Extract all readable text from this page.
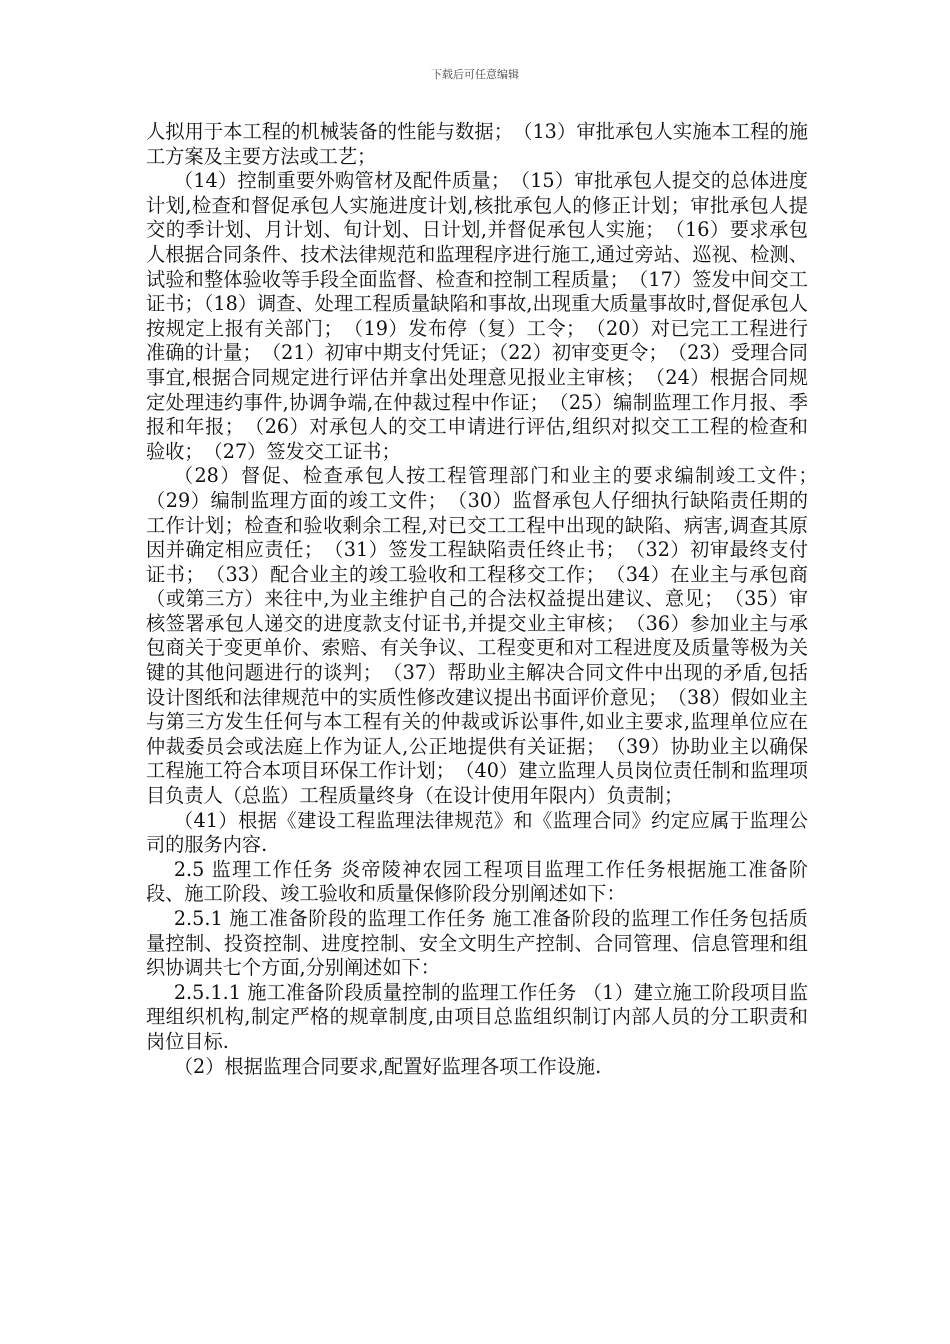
下载后可任意编辑

人拟用于本工程的机械装备的性能与数据；　（13）审批承包人实施本工程的施工方案及主要方法或工艺；

（14）控制重要外购管材及配件质量；　（15）审批承包人提交的总体进度计划,检查和督促承包人实施进度计划,核批承包人的修正计划；审批承包人提交的季计划、月计划、旬计划、日计划,并督促承包人实施；　（16）要求承包人根据合同条件、技术法律规范和监理程序进行施工,通过旁站、巡视、检测、试验和整体验收等手段全面监督、检查和控制工程质量；　（17）签发中间交工证书；（18）调查、处理工程质量缺陷和事故,出现重大质量事故时,督促承包人按规定上报有关部门；　（19）发布停（复）工令；　（20）对已完工工程进行准确的计量；　（21）初审中期支付凭证；（22）初审变更令；　（23）受理合同事宜,根据合同规定进行评估并拿出处理意见报业主审核；　（24）根据合同规定处理违约事件,协调争端,在仲裁过程中作证；　（25）编制监理工作月报、季报和年报；　（26）对承包人的交工申请进行评估,组织对拟交工工程的检查和验收；　（27）签发交工证书；

（28）督促、检查承包人按工程管理部门和业主的要求编制竣工文件；　（29）编制监理方面的竣工文件；　（30）监督承包人仔细执行缺陷责任期的工作计划；检查和验收剩余工程,对已交工工程中出现的缺陷、病害,调查其原因并确定相应责任；　（31）签发工程缺陷责任终止书；　（32）初审最终支付证书；　（33）配合业主的竣工验收和工程移交工作；　（34）在业主与承包商（或第三方）来往中,为业主维护自己的合法权益提出建议、意见；　（35）审核签署承包人递交的进度款支付证书,并提交业主审核；　（36）参加业主与承包商关于变更单价、索赔、有关争议、工程变更和对工程进度及质量等极为关键的其他问题进行的谈判；　（37）帮助业主解决合同文件中出现的矛盾,包括设计图纸和法律规范中的实质性修改建议提出书面评价意见；　（38）假如业主与第三方发生任何与本工程有关的仲裁或诉讼事件,如业主要求,监理单位应在仲裁委员会或法庭上作为证人,公正地提供有关证据；　（39）协助业主以确保工程施工符合本项目环保工作计划；　（40）建立监理人员岗位责任制和监理项目负责人（总监）工程质量终身（在设计使用年限内）负责制；

（41）根据《建设工程监理法律规范》和《监理合同》约定应属于监理公司的服务内容.

2.5 监理工作任务 炎帝陵神农园工程项目监理工作任务根据施工准备阶段、施工阶段、竣工验收和质量保修阶段分别阐述如下：

2.5.1 施工准备阶段的监理工作任务 施工准备阶段的监理工作任务包括质量控制、投资控制、进度控制、安全文明生产控制、合同管理、信息管理和组织协调共七个方面,分别阐述如下：

2.5.1.1 施工准备阶段质量控制的监理工作任务 （1）建立施工阶段项目监理组织机构,制定严格的规章制度,由项目总监组织制订内部人员的分工职责和岗位目标.

（2）根据监理合同要求,配置好监理各项工作设施.
